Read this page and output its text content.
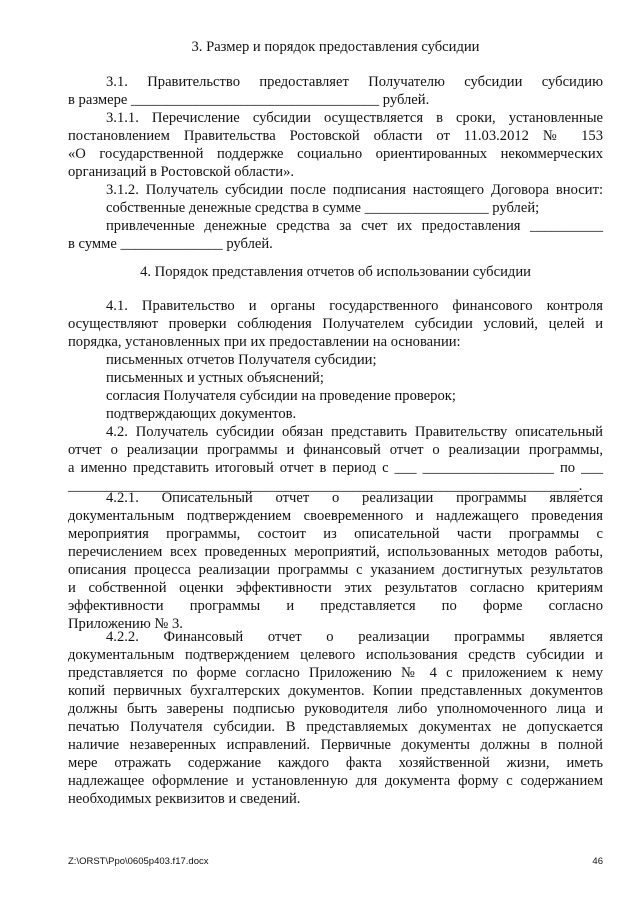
3. Размер и порядок предоставления субсидии
3.1. Правительство предоставляет Получателю субсидии субсидию
в размере __________________________________ рублей.
3.1.1. Перечисление субсидии осуществляется в сроки, установленные
постановлением Правительства Ростовской области от 11.03.2012 № 153
«О государственной поддержке социально ориентированных некоммерческих
организаций в Ростовской области».
3.1.2. Получатель субсидии после подписания настоящего Договора вносит:
собственные денежные средства в сумме _________________ рублей;
привлеченные денежные средства за счет их предоставления __________
в сумме ______________ рублей.
4. Порядок представления отчетов об использовании субсидии
4.1. Правительство и органы государственного финансового контроля
осуществляют проверки соблюдения Получателем субсидии условий, целей и
порядка, установленных при их предоставлении на основании:
письменных отчетов Получателя субсидии;
письменных и устных объяснений;
согласия Получателя субсидии на проведение проверок;
подтверждающих документов.
4.2. Получатель субсидии обязан представить Правительству описательный
отчет о реализации программы и финансовый отчет о реализации программы,
а именно представить итоговый отчет в период с ___ __________________ по ___
______________________________________________________________________.
4.2.1. Описательный отчет о реализации программы является
документальным подтверждением своевременного и надлежащего проведения
мероприятия программы, состоит из описательной части программы с
перечислением всех проведенных мероприятий, использованных методов работы,
описания процесса реализации программы с указанием достигнутых результатов
и собственной оценки эффективности этих результатов согласно критериям
эффективности программы и представляется по форме согласно
Приложению № 3.
4.2.2. Финансовый отчет о реализации программы является
документальным подтверждением целевого использования средств субсидии и
представляется по форме согласно Приложению № 4 с приложением к нему
копий первичных бухгалтерских документов. Копии представленных документов
должны быть заверены подписью руководителя либо уполномоченного лица и
печатью Получателя субсидии. В представляемых документах не допускается
наличие незаверенных исправлений. Первичные документы должны в полной
мере отражать содержание каждого факта хозяйственной жизни, иметь
надлежащее оформление и установленную для документа форму с содержанием
необходимых реквизитов и сведений.
Z:\ORST\Ppo\0605p403.f17.docx	46
